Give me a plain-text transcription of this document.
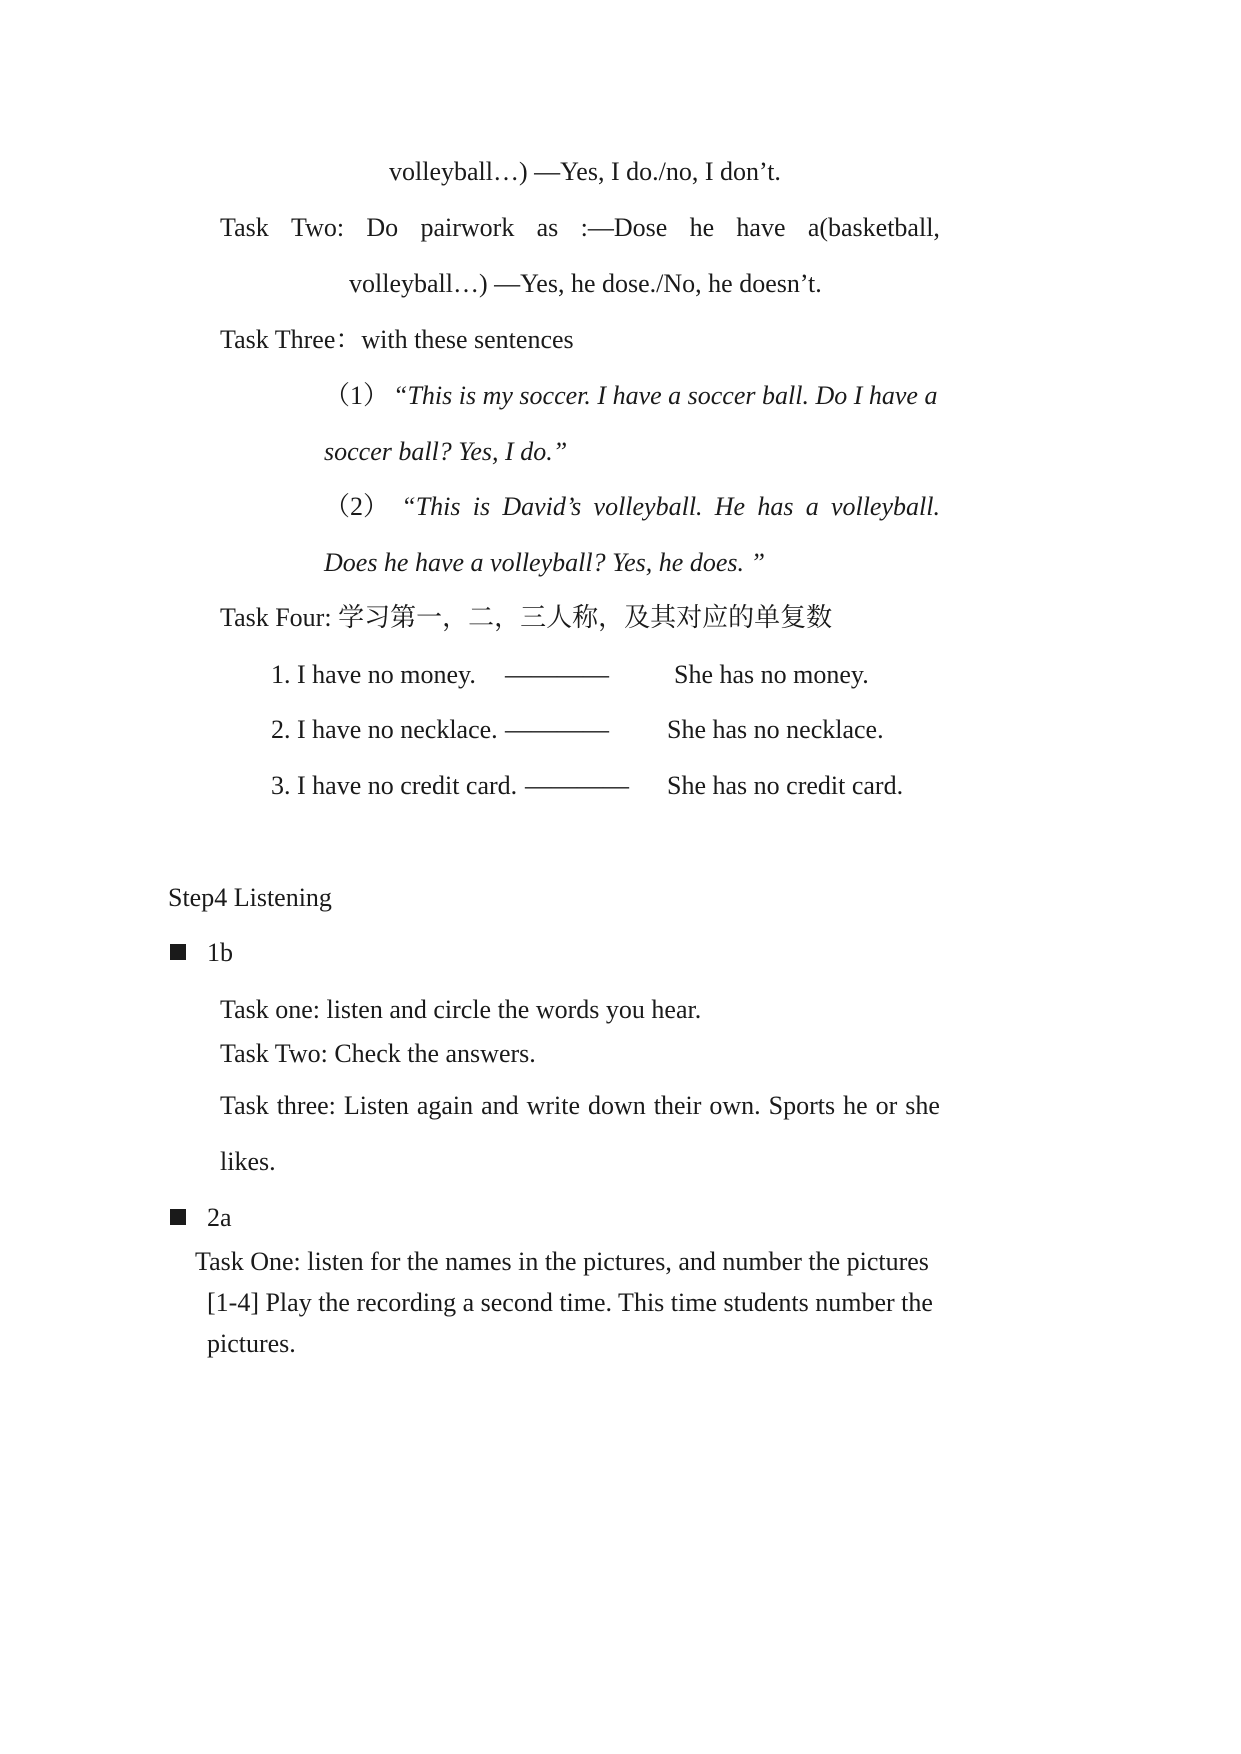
volleyball…) —Yes, I do./no, I don’t.
Task Two: Do pairwork as :—Dose he have a(basketball,
volleyball…) —Yes, he dose./No, he doesn’t.
Task Three：with these sentences
（1） “This is my soccer. I have a soccer ball. Do I have a
soccer ball? Yes, I do.”
（2） “This is David’s volleyball. He has a volleyball.
Does he have a volleyball? Yes, he does. ”
Task Four: 学习第一，二，三人称，及其对应的单复数
1. I have no money. ————	She has no money.
2. I have no necklace. ———— She has no necklace.
3. I have no credit card. ———— She has no credit card.
Step4 Listening
1b
Task one: listen and circle the words you hear.
Task Two: Check the answers.
Task three: Listen again and write down their own. Sports he or she
likes.
2a
Task One: listen for the names in the pictures, and number the pictures
[1-4] Play the recording a second time. This time students number the
pictures.
